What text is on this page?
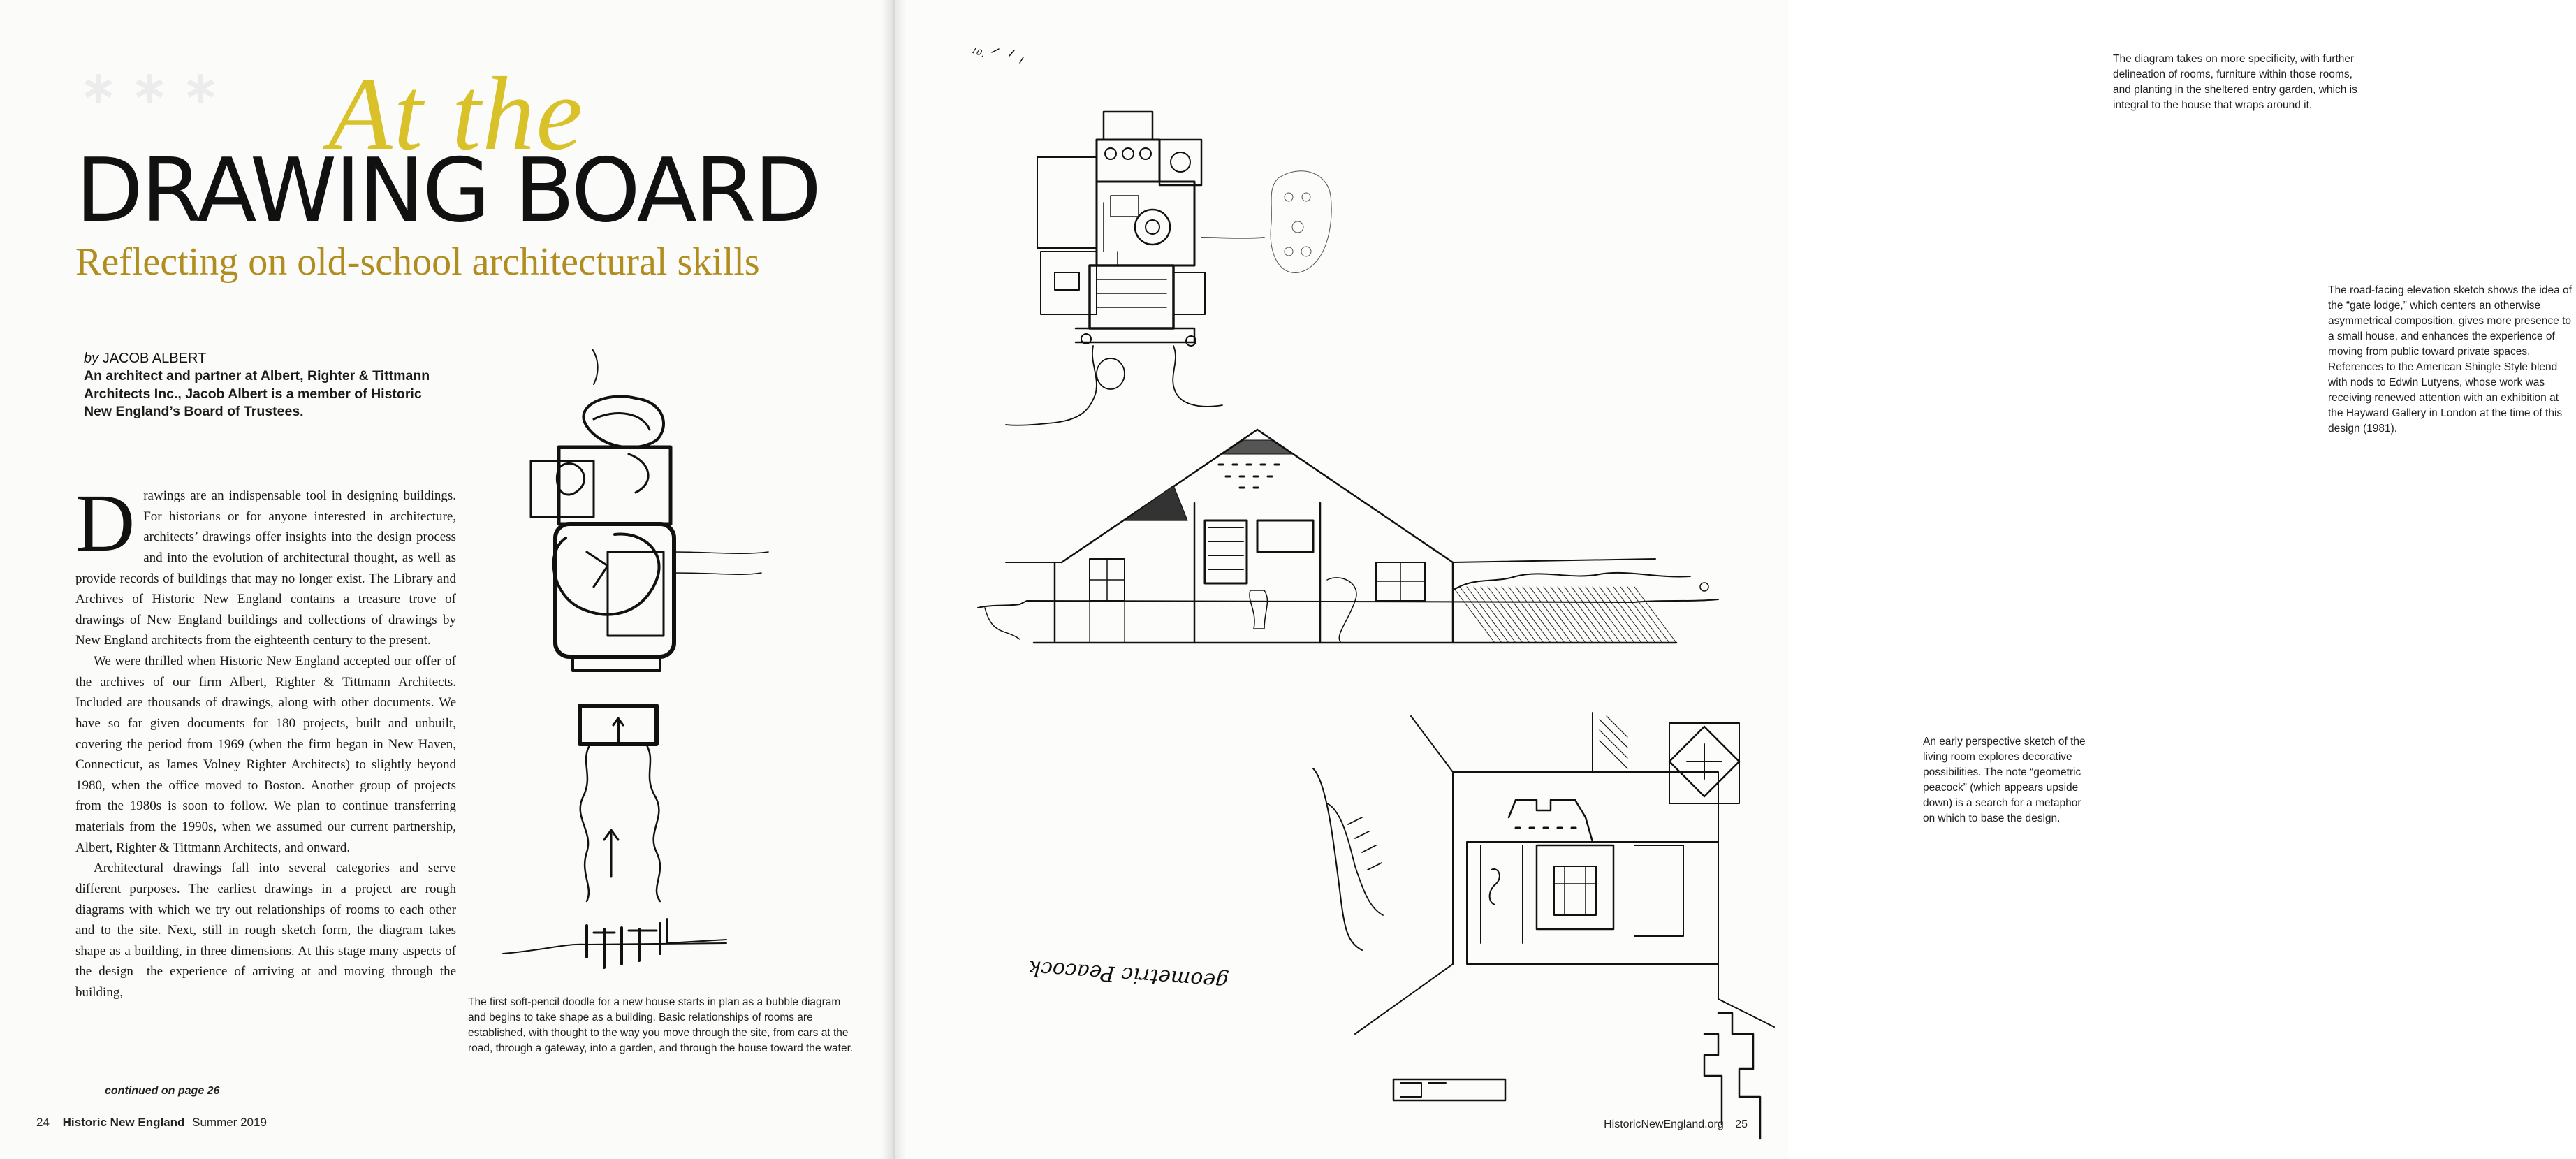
∗ ∗ ∗ At the
DRAWING BOARD
Reflecting on old-school architectural skills
by JACOB ALBERT
An architect and partner at Albert, Righter & Tittmann Architects Inc., Jacob Albert is a member of Historic New England’s Board of Trustees.

Drawings are an indispensable tool in designing buildings. For historians or for anyone interested in architecture, architects’ drawings offer insights into the design process and into the evolution of architectural thought, as well as provide records of buildings that may no longer exist. The Library and Archives of Historic New England contains a treasure trove of drawings of New England buildings and collections of drawings by New England architects from the eighteenth century to the present.

We were thrilled when Historic New England accepted our offer of the archives of our firm Albert, Righter & Tittmann Architects. Included are thousands of drawings, along with other documents. We have so far given documents for 180 projects, built and unbuilt, covering the period from 1969 (when the firm began in New Haven, Connecticut, as James Volney Righter Architects) to slightly beyond 1980, when the office moved to Boston. Another group of projects from the 1980s is soon to follow. We plan to continue transferring materials from the 1990s, when we assumed our current partnership, Albert, Righter & Tittmann Architects, and onward.

Architectural drawings fall into several categories and serve different purposes. The earliest drawings in a project are rough diagrams with which we try out relationships of rooms to each other and to the site. Next, still in rough sketch form, the diagram takes shape as a building, in three dimensions. At this stage many aspects of the design—the experience of arriving at and moving through the building,

continued on page 26
The first soft-pencil doodle for a new house starts in plan as a bubble diagram and begins to take shape as a building. Basic relationships of rooms are established, with thought to the way you move through the site, from cars at the road, through a gateway, into a garden, and through the house toward the water.
24 Historic New England Summer 2019
10,
The diagram takes on more specificity, with further delineation of rooms, furniture within those rooms, and planting in the sheltered entry garden, which is integral to the house that wraps around it.
The road-facing elevation sketch shows the idea of the “gate lodge,” which centers an otherwise asymmetrical composition, gives more presence to a small house, and enhances the experience of moving from public toward private spaces. References to the American Shingle Style blend with nods to Edwin Lutyens, whose work was receiving renewed attention with an exhibition at the Hayward Gallery in London at the time of this design (1981).
An early perspective sketch of the living room explores decorative possibilities. The note “geometric peacock” (which appears upside down) is a search for a metaphor on which to base the design.
geometric Peacock
HistoricNewEngland.org 25
